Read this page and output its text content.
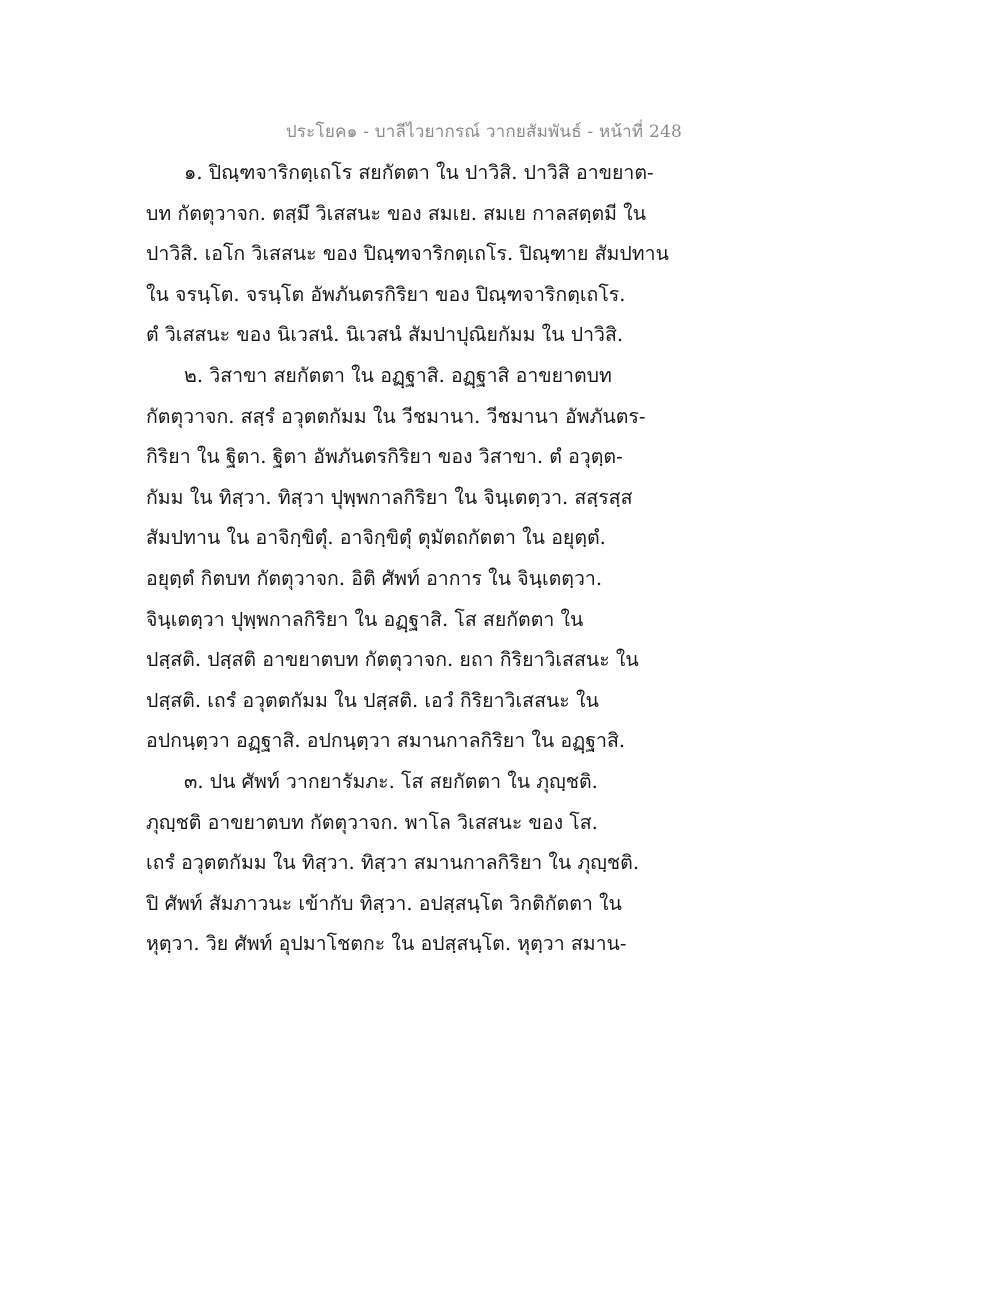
ประโยค๑ - บาลีไวยากรณ์ วากยสัมพันธ์ - หน้าที่ 248
๑. ปิณฺฑจาริกตฺเถโร สยกัตตา ใน ปาวิสิ. ปาวิสิ อาขยาต-
บท กัตตุวาจก. ตสฺมึ วิเสสนะ ของ สมเย. สมเย กาลสตฺตมี ใน
ปาวิสิ. เอโก วิเสสนะ ของ ปิณฺฑจาริกตฺเถโร. ปิณฺฑาย สัมปทาน
ใน จรนฺโต. จรนฺโต อัพภันตรกิริยา ของ ปิณฺฑจาริกตฺเถโร.
ตํ วิเสสนะ ของ นิเวสนํ. นิเวสนํ สัมปาปุณิยกัมม ใน ปาวิสิ.
๒. วิสาขา สยกัตตา ใน อฏฺฐาสิ. อฏฺฐาสิ อาขยาตบท
กัตตุวาจก. สสฺรํ อวุตตกัมม ใน วีชมานา. วีชมานา อัพภันตร-
กิริยา ใน ฐิตา. ฐิตา อัพภันตรกิริยา ของ วิสาขา. ตํ อวุตฺต-
กัมม ใน ทิสฺวา. ทิสฺวา ปุพฺพกาลกิริยา ใน จินฺเตตฺวา. สสฺรสฺส
สัมปทาน ใน อาจิกฺขิตุํ. อาจิกฺขิตุํ ตุมัตถกัตตา ใน อยุตฺตํ.
อยุตฺตํ กิตบท กัตตุวาจก. อิติ ศัพท์ อาการ ใน จินฺเตตฺวา.
จินฺเตตฺวา ปุพฺพกาลกิริยา ใน อฏฺฐาสิ. โส สยกัตตา ใน
ปสฺสติ. ปสฺสติ อาขยาตบท กัตตุวาจก. ยถา กิริยาวิเสสนะ ใน
ปสฺสติ. เถรํ อวุตตกัมม ใน ปสฺสติ. เอวํ กิริยาวิเสสนะ ใน
อปกนฺตฺวา อฏฺฐาสิ. อปกนฺตฺวา สมานกาลกิริยา ใน อฏฺฐาสิ.
๓. ปน ศัพท์ วากยารัมภะ. โส สยกัตตา ใน ภุญฺชติ.
ภุญฺชติ อาขยาตบท กัตตุวาจก. พาโล วิเสสนะ ของ โส.
เถรํ อวุตตกัมม ใน ทิสฺวา. ทิสฺวา สมานกาลกิริยา ใน ภุญฺชติ.
ปิ ศัพท์ สัมภาวนะ เข้ากับ ทิสฺวา. อปสฺสนฺโต วิกติกัตตา ใน
หุตฺวา. วิย ศัพท์ อุปมาโชตกะ ใน อปสฺสนฺโต. หุตฺวา สมาน-
